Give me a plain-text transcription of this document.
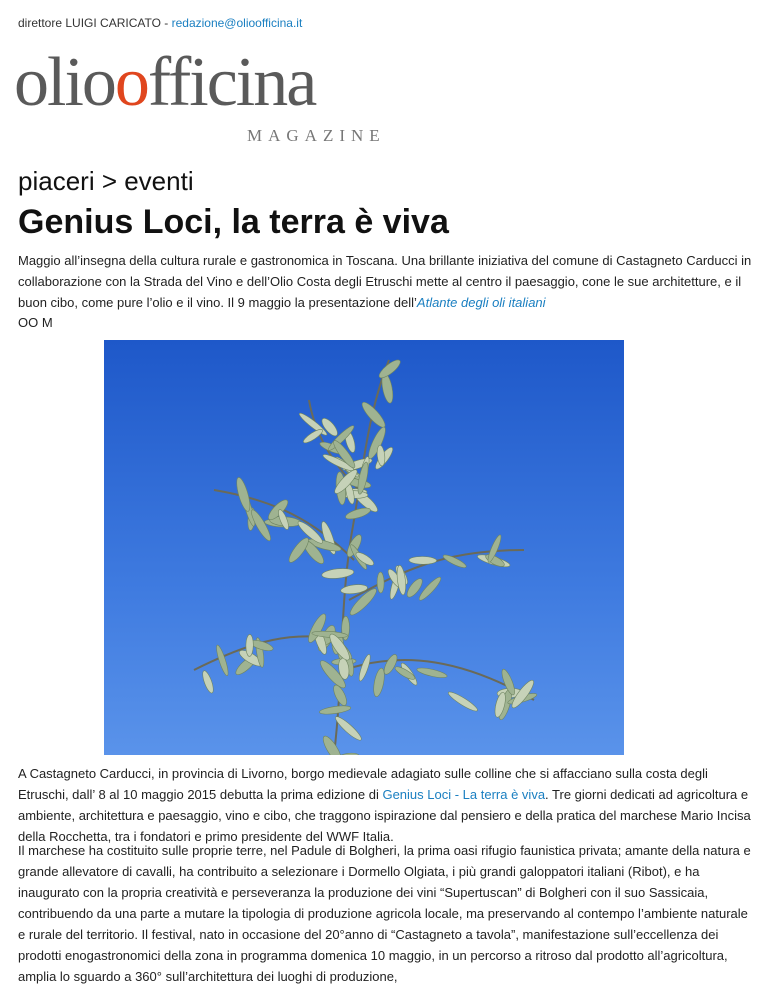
direttore LUIGI CARICATO - redazione@olioofficina.it
olioofficina
MAGAZINE
piaceri > eventi
Genius Loci, la terra è viva
Maggio all’insegna della cultura rurale e gastronomica in Toscana. Una brillante iniziativa del comune di Castagneto Carducci in collaborazione con la Strada del Vino e dell’Olio Costa degli Etruschi mette al centro il paesaggio, cone le sue architetture, e il buon cibo, come pure l’olio e il vino. Il 9 maggio la presentazione dell’Atlante degli oli italiani
OO M
A Castagneto Carducci, in provincia di Livorno, borgo medievale adagiato sulle colline che si affacciano sulla costa degli Etruschi, dall’ 8 al 10 maggio 2015 debutta la prima edizione di Genius Loci - La terra è viva. Tre giorni dedicati ad agricoltura e ambiente, architettura e paesaggio, vino e cibo, che traggono ispirazione dal pensiero e della pratica del marchese Mario Incisa della Rocchetta, tra i fondatori e primo presidente del WWF Italia.
Il marchese ha costituito sulle proprie terre, nel Padule di Bolgheri, la prima oasi rifugio faunistica privata; amante della natura e grande allevatore di cavalli, ha contribuito a selezionare i Dormello Olgiata, i più grandi galoppatori italiani (Ribot), e ha inaugurato con la propria creatività e perseveranza la produzione dei vini “Supertuscan” di Bolgheri con il suo Sassicaia, contribuendo da una parte a mutare la tipologia di produzione agricola locale, ma preservando al contempo l’ambiente naturale e rurale del territorio. Il festival, nato in occasione del 20°anno di “Castagneto a tavola”, manifestazione sull’eccellenza dei prodotti enogastronomici della zona in programma domenica 10 maggio, in un percorso a ritroso dal prodotto all’agricoltura, amplia lo sguardo a 360° sull’architettura dei luoghi di produzione,
